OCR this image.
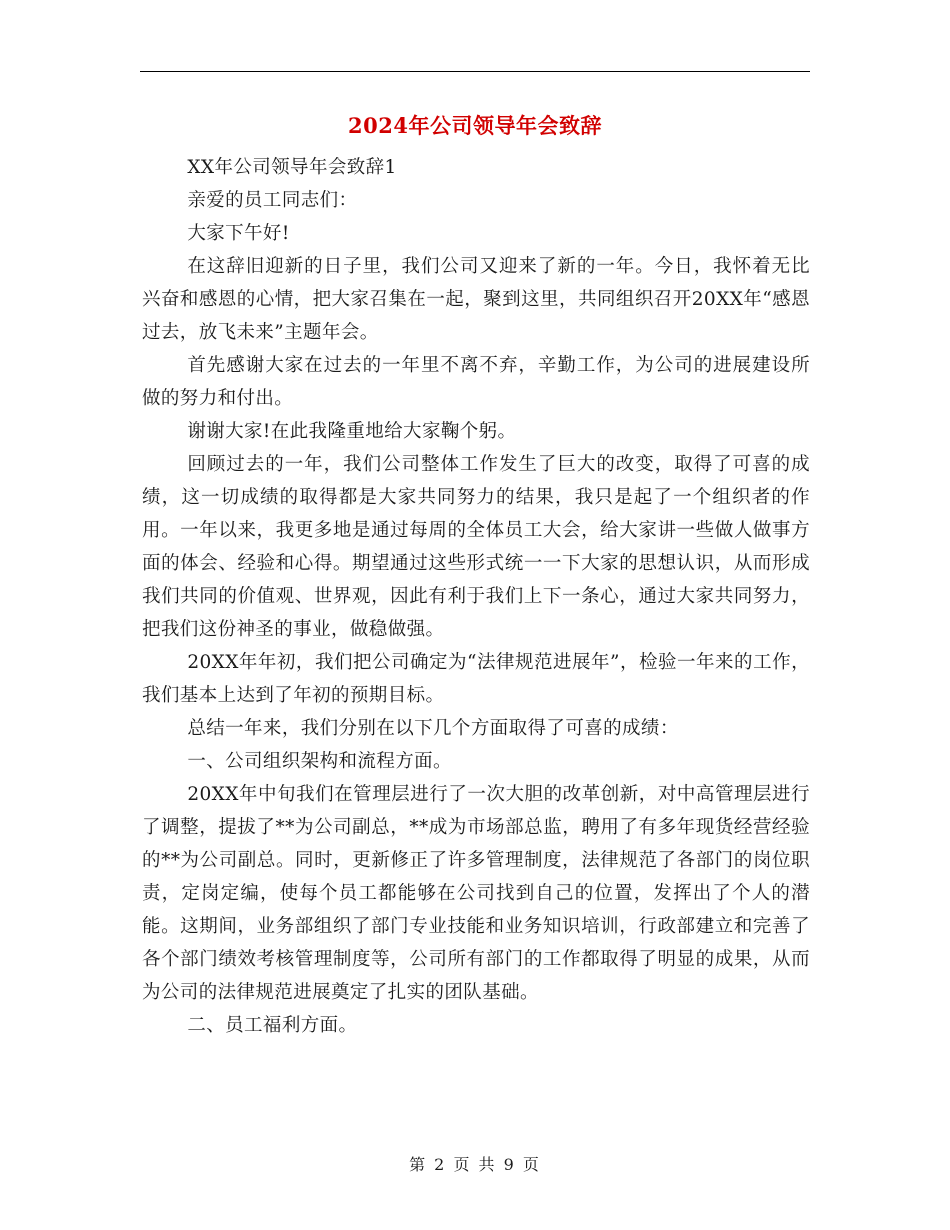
2024年公司领导年会致辞

XX年公司领导年会致辞1

亲爱的员工同志们：

大家下午好!

在这辞旧迎新的日子里，我们公司又迎来了新的一年。今日，我怀着无比兴奋和感恩的心情，把大家召集在一起，聚到这里，共同组织召开20XX年“感恩过去，放飞未来”主题年会。

首先感谢大家在过去的一年里不离不弃，辛勤工作，为公司的进展建设所做的努力和付出。

谢谢大家!在此我隆重地给大家鞠个躬。

回顾过去的一年，我们公司整体工作发生了巨大的改变，取得了可喜的成绩，这一切成绩的取得都是大家共同努力的结果，我只是起了一个组织者的作用。一年以来，我更多地是通过每周的全体员工大会，给大家讲一些做人做事方面的体会、经验和心得。期望通过这些形式统一一下大家的思想认识，从而形成我们共同的价值观、世界观，因此有利于我们上下一条心，通过大家共同努力，把我们这份神圣的事业，做稳做强。

20XX年年初，我们把公司确定为“法律规范进展年”，检验一年来的工作，我们基本上达到了年初的预期目标。

总结一年来，我们分别在以下几个方面取得了可喜的成绩：

一、公司组织架构和流程方面。

20XX年中旬我们在管理层进行了一次大胆的改革创新，对中高管理层进行了调整，提拔了**为公司副总，**成为市场部总监，聘用了有多年现货经营经验的**为公司副总。同时，更新修正了许多管理制度，法律规范了各部门的岗位职责，定岗定编，使每个员工都能够在公司找到自己的位置，发挥出了个人的潜能。这期间，业务部组织了部门专业技能和业务知识培训，行政部建立和完善了各个部门绩效考核管理制度等，公司所有部门的工作都取得了明显的成果，从而为公司的法律规范进展奠定了扎实的团队基础。

二、员工福利方面。

第 2 页 共 9 页
